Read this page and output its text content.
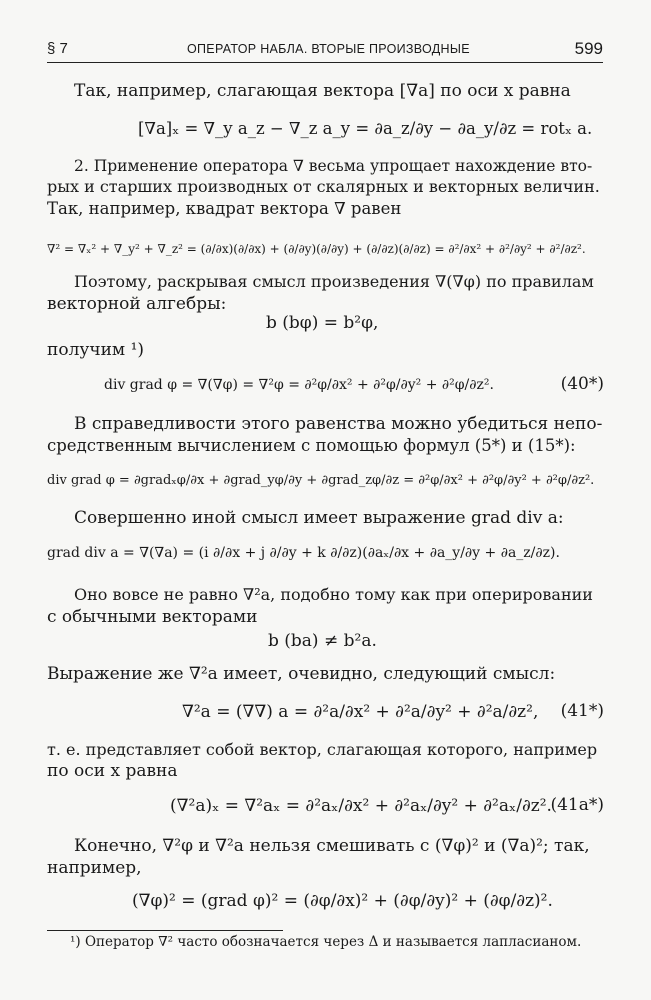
§ 7	ОПЕРАТОР НАБЛА. ВТОРЫЕ ПРОИЗВОДНЫЕ	599
Так, например, слагающая вектора [∇a] по оси x равна
[∇a]ₓ = ∇_y a_z − ∇_z a_y = ∂a_z/∂y − ∂a_y/∂z = rotₓ a.
2. Применение оператора ∇ весьма упрощает нахождение вто-
рых и старших производных от скалярных и векторных величин.
Так, например, квадрат вектора ∇ равен
∇² = ∇ₓ² + ∇_y² + ∇_z² = (∂/∂x)(∂/∂x) + (∂/∂y)(∂/∂y) + (∂/∂z)(∂/∂z) = ∂²/∂x² + ∂²/∂y² + ∂²/∂z².
Поэтому, раскрывая смысл произведения ∇(∇φ) по правилам
векторной алгебры:
b (bφ) = b²φ,
получим ¹)
div grad φ = ∇(∇φ) = ∇²φ = ∂²φ/∂x² + ∂²φ/∂y² + ∂²φ/∂z².	(40*)
В справедливости этого равенства можно убедиться непо-
средственным вычислением с помощью формул (5*) и (15*):
div grad φ = ∂gradₓφ/∂x + ∂grad_yφ/∂y + ∂grad_zφ/∂z = ∂²φ/∂x² + ∂²φ/∂y² + ∂²φ/∂z².
Совершенно иной смысл имеет выражение grad div a:
grad div a = ∇(∇a) = (i ∂/∂x + j ∂/∂y + k ∂/∂z)(∂aₓ/∂x + ∂a_y/∂y + ∂a_z/∂z).
Оно вовсе не равно ∇²a, подобно тому как при оперировании
с обычными векторами
b (ba) ≠ b²a.
Выражение же ∇²a имеет, очевидно, следующий смысл:
∇²a = (∇∇) a = ∂²a/∂x² + ∂²a/∂y² + ∂²a/∂z², (41*)
т. е. представляет собой вектор, слагающая которого, например
по оси x равна
(∇²a)ₓ = ∇²aₓ = ∂²aₓ/∂x² + ∂²aₓ/∂y² + ∂²aₓ/∂z².
(41a*)
Конечно, ∇²φ и ∇²a нельзя смешивать с (∇φ)² и (∇a)²; так,
например,
(∇φ)² = (grad φ)² = (∂φ/∂x)² + (∂φ/∂y)² + (∂φ/∂z)².
¹) Оператор ∇² часто обозначается через Δ и называется лапласианом.
